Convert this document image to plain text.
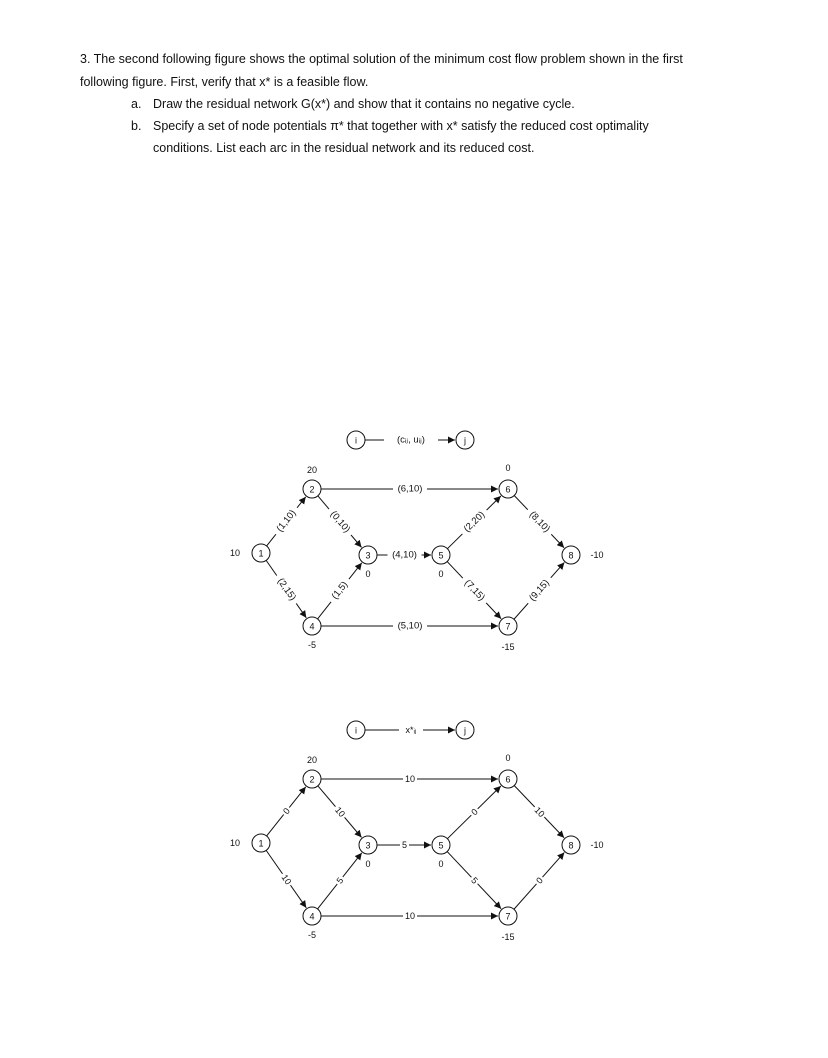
3. The second following figure shows the optimal solution of the minimum cost flow problem shown in the first
following figure. First, verify that x* is a feasible flow.
a. Draw the residual network G(x*) and show that it contains no negative cycle.
b. Specify a set of node potentials π* that together with x* satisfy the reduced cost optimality
conditions. List each arc in the residual network and its reduced cost.
(cᵢⱼ, uᵢⱼ)
i	j
(1,10)
(2,15)
(0,10)
(1,5)
(6,10)
(4,10)
(5,10)
(2,20)
(7,15)
(8,10)
(9,15)
1
10
2
20
3
0
4
-5
5
0
6
0
7
-15
8 -10
x*ᵢⱼ
i	j
0
10
10
5
10
5
10
0
5
10
0
1
10
2
20
3
0
4
-5
5
0
6
0
7
-15
8 -10
